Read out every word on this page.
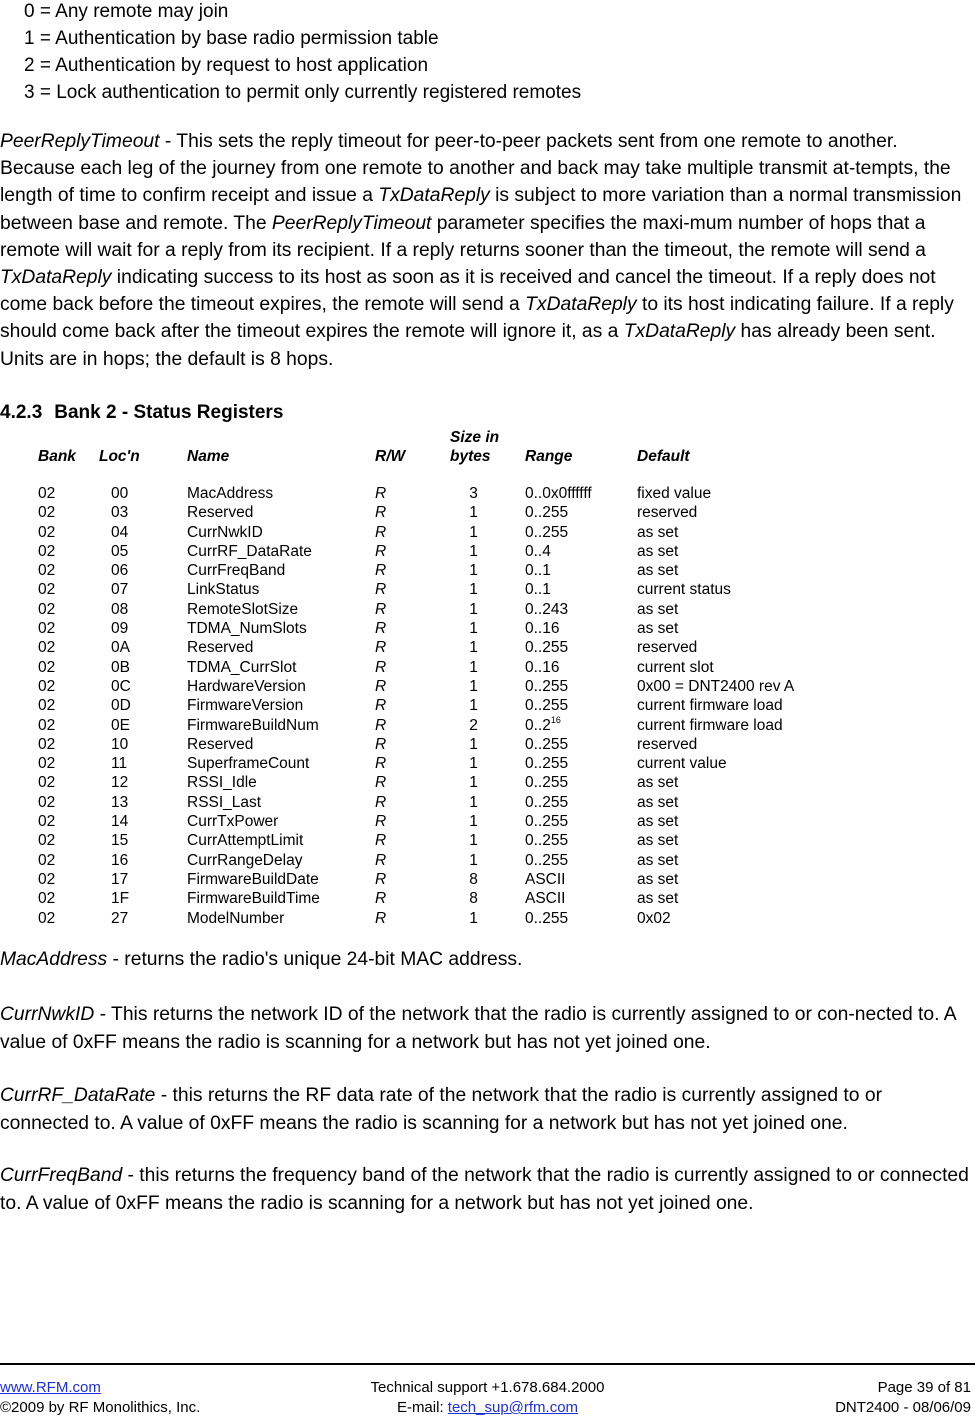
0 = Any remote may join
1 = Authentication by base radio permission table
2 = Authentication by request to host application
3 = Lock authentication to permit only currently registered remotes
PeerReplyTimeout - This sets the reply timeout for peer-to-peer packets sent from one remote to another. Because each leg of the journey from one remote to another and back may take multiple transmit at-tempts, the length of time to confirm receipt and issue a TxDataReply is subject to more variation than a normal transmission between base and remote. The PeerReplyTimeout parameter specifies the maxi-mum number of hops that a remote will wait for a reply from its recipient. If a reply returns sooner than the timeout, the remote will send a TxDataReply indicating success to its host as soon as it is received and cancel the timeout. If a reply does not come back before the timeout expires, the remote will send a TxDataReply to its host indicating failure. If a reply should come back after the timeout expires the remote will ignore it, as a TxDataReply has already been sent. Units are in hops; the default is 8 hops.
4.2.3 Bank 2 - Status Registers
Bank	Loc'n	Name	R/W	Size in
bytes	Range	Default

02	00	MacAddress	R	3	0..0x0ffffff	fixed value
02	03	Reserved	R	1	0..255	reserved
02	04	CurrNwkID	R	1	0..255	as set
02	05	CurrRF_DataRate	R	1	0..4	as set
02	06	CurrFreqBand	R	1	0..1	as set
02	07	LinkStatus	R	1	0..1	current status
02	08	RemoteSlotSize	R	1	0..243	as set
02	09	TDMA_NumSlots	R	1	0..16	as set
02	0A	Reserved	R	1	0..255	reserved
02	0B	TDMA_CurrSlot	R	1	0..16	current slot
02	0C	HardwareVersion	R	1	0..255	0x00 = DNT2400 rev A
02	0D	FirmwareVersion	R	1	0..255	current firmware load
02	0E	FirmwareBuildNum	R	2	0..2$^{16}$	current firmware load
02	10	Reserved	R	1	0..255	reserved
02	11	SuperframeCount	R	1	0..255	current value
02	12	RSSI_Idle	R	1	0..255	as set
02	13	RSSI_Last	R	1	0..255	as set
02	14	CurrTxPower	R	1	0..255	as set
02	15	CurrAttemptLimit	R	1	0..255	as set
02	16	CurrRangeDelay	R	1	0..255	as set
02	17	FirmwareBuildDate	R	8	ASCII	as set
02	1F	FirmwareBuildTime	R	8	ASCII	as set
02	27	ModelNumber	R	1	0..255	0x02
MacAddress - returns the radio's unique 24-bit MAC address.
CurrNwkID - This returns the network ID of the network that the radio is currently assigned to or con-nected to. A value of 0xFF means the radio is scanning for a network but has not yet joined one.
CurrRF_DataRate - this returns the RF data rate of the network that the radio is currently assigned to or connected to. A value of 0xFF means the radio is scanning for a network but has not yet joined one.
CurrFreqBand - this returns the frequency band of the network that the radio is currently assigned to or connected to. A value of 0xFF means the radio is scanning for a network but has not yet joined one.
www.RFM.com
©2009 by RF Monolithics, Inc.
Technical support +1.678.684.2000
E-mail: tech_sup@rfm.com
Page 39 of 81
DNT2400 - 08/06/09
